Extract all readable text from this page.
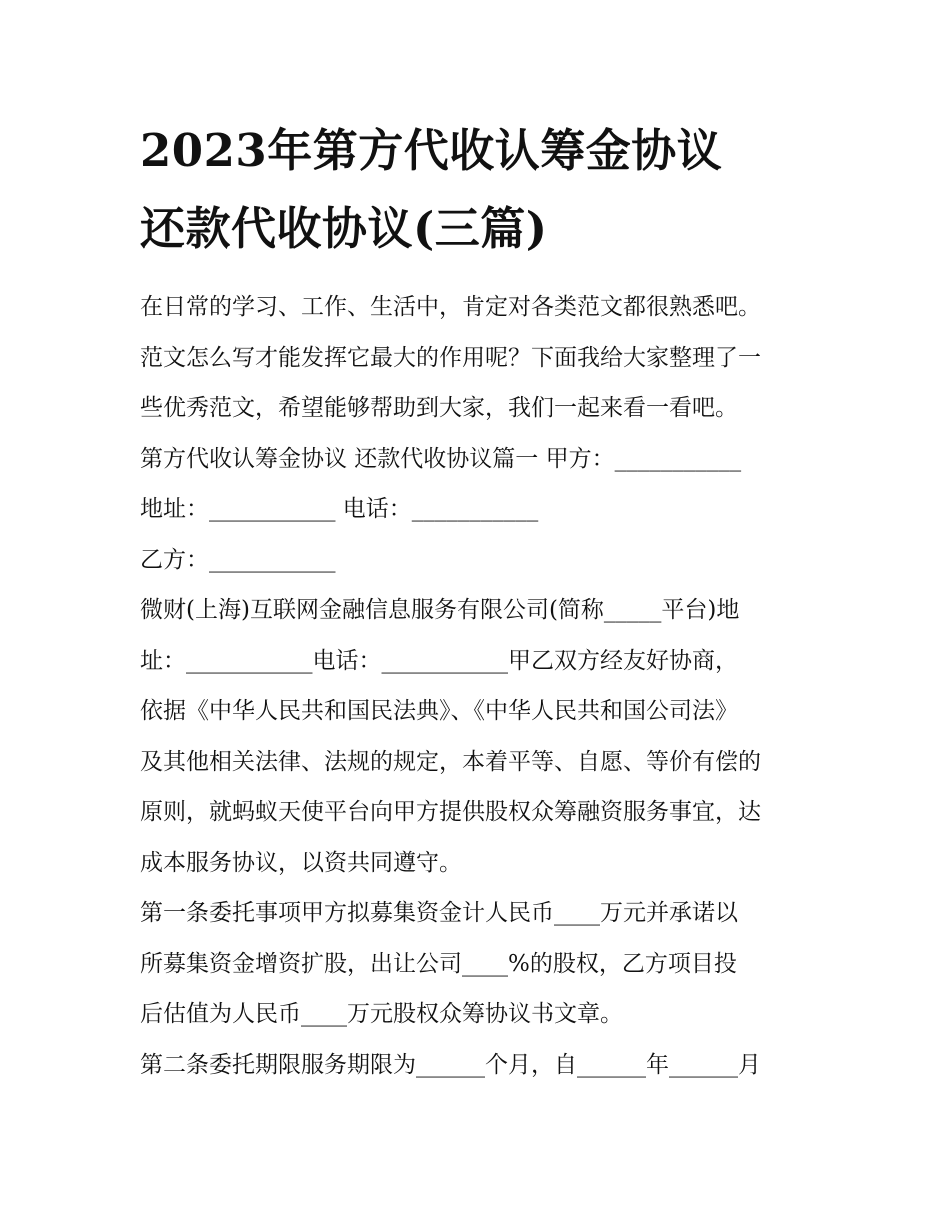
2023年第方代收认筹金协议
还款代收协议(三篇)

在日常的学习、工作、生活中，肯定对各类范文都很熟悉吧。

范文怎么写才能发挥它最大的作用呢？下面我给大家整理了一

些优秀范文，希望能够帮助到大家，我们一起来看一看吧。

第方代收认筹金协议 还款代收协议篇一 甲方：___________

地址：___________ 电话：___________

乙方：___________

微财(上海)互联网金融信息服务有限公司(简称_____平台)地

址：___________电话：___________甲乙双方经友好协商，

依据《中华人民共和国民法典》、《中华人民共和国公司法》

及其他相关法律、法规的规定，本着平等、自愿、等价有偿的

原则，就蚂蚁天使平台向甲方提供股权众筹融资服务事宜，达

成本服务协议，以资共同遵守。

第一条委托事项甲方拟募集资金计人民币____万元并承诺以

所募集资金增资扩股，出让公司____%的股权，乙方项目投

后估值为人民币____万元股权众筹协议书文章。

第二条委托期限服务期限为______个月，自______年______月
